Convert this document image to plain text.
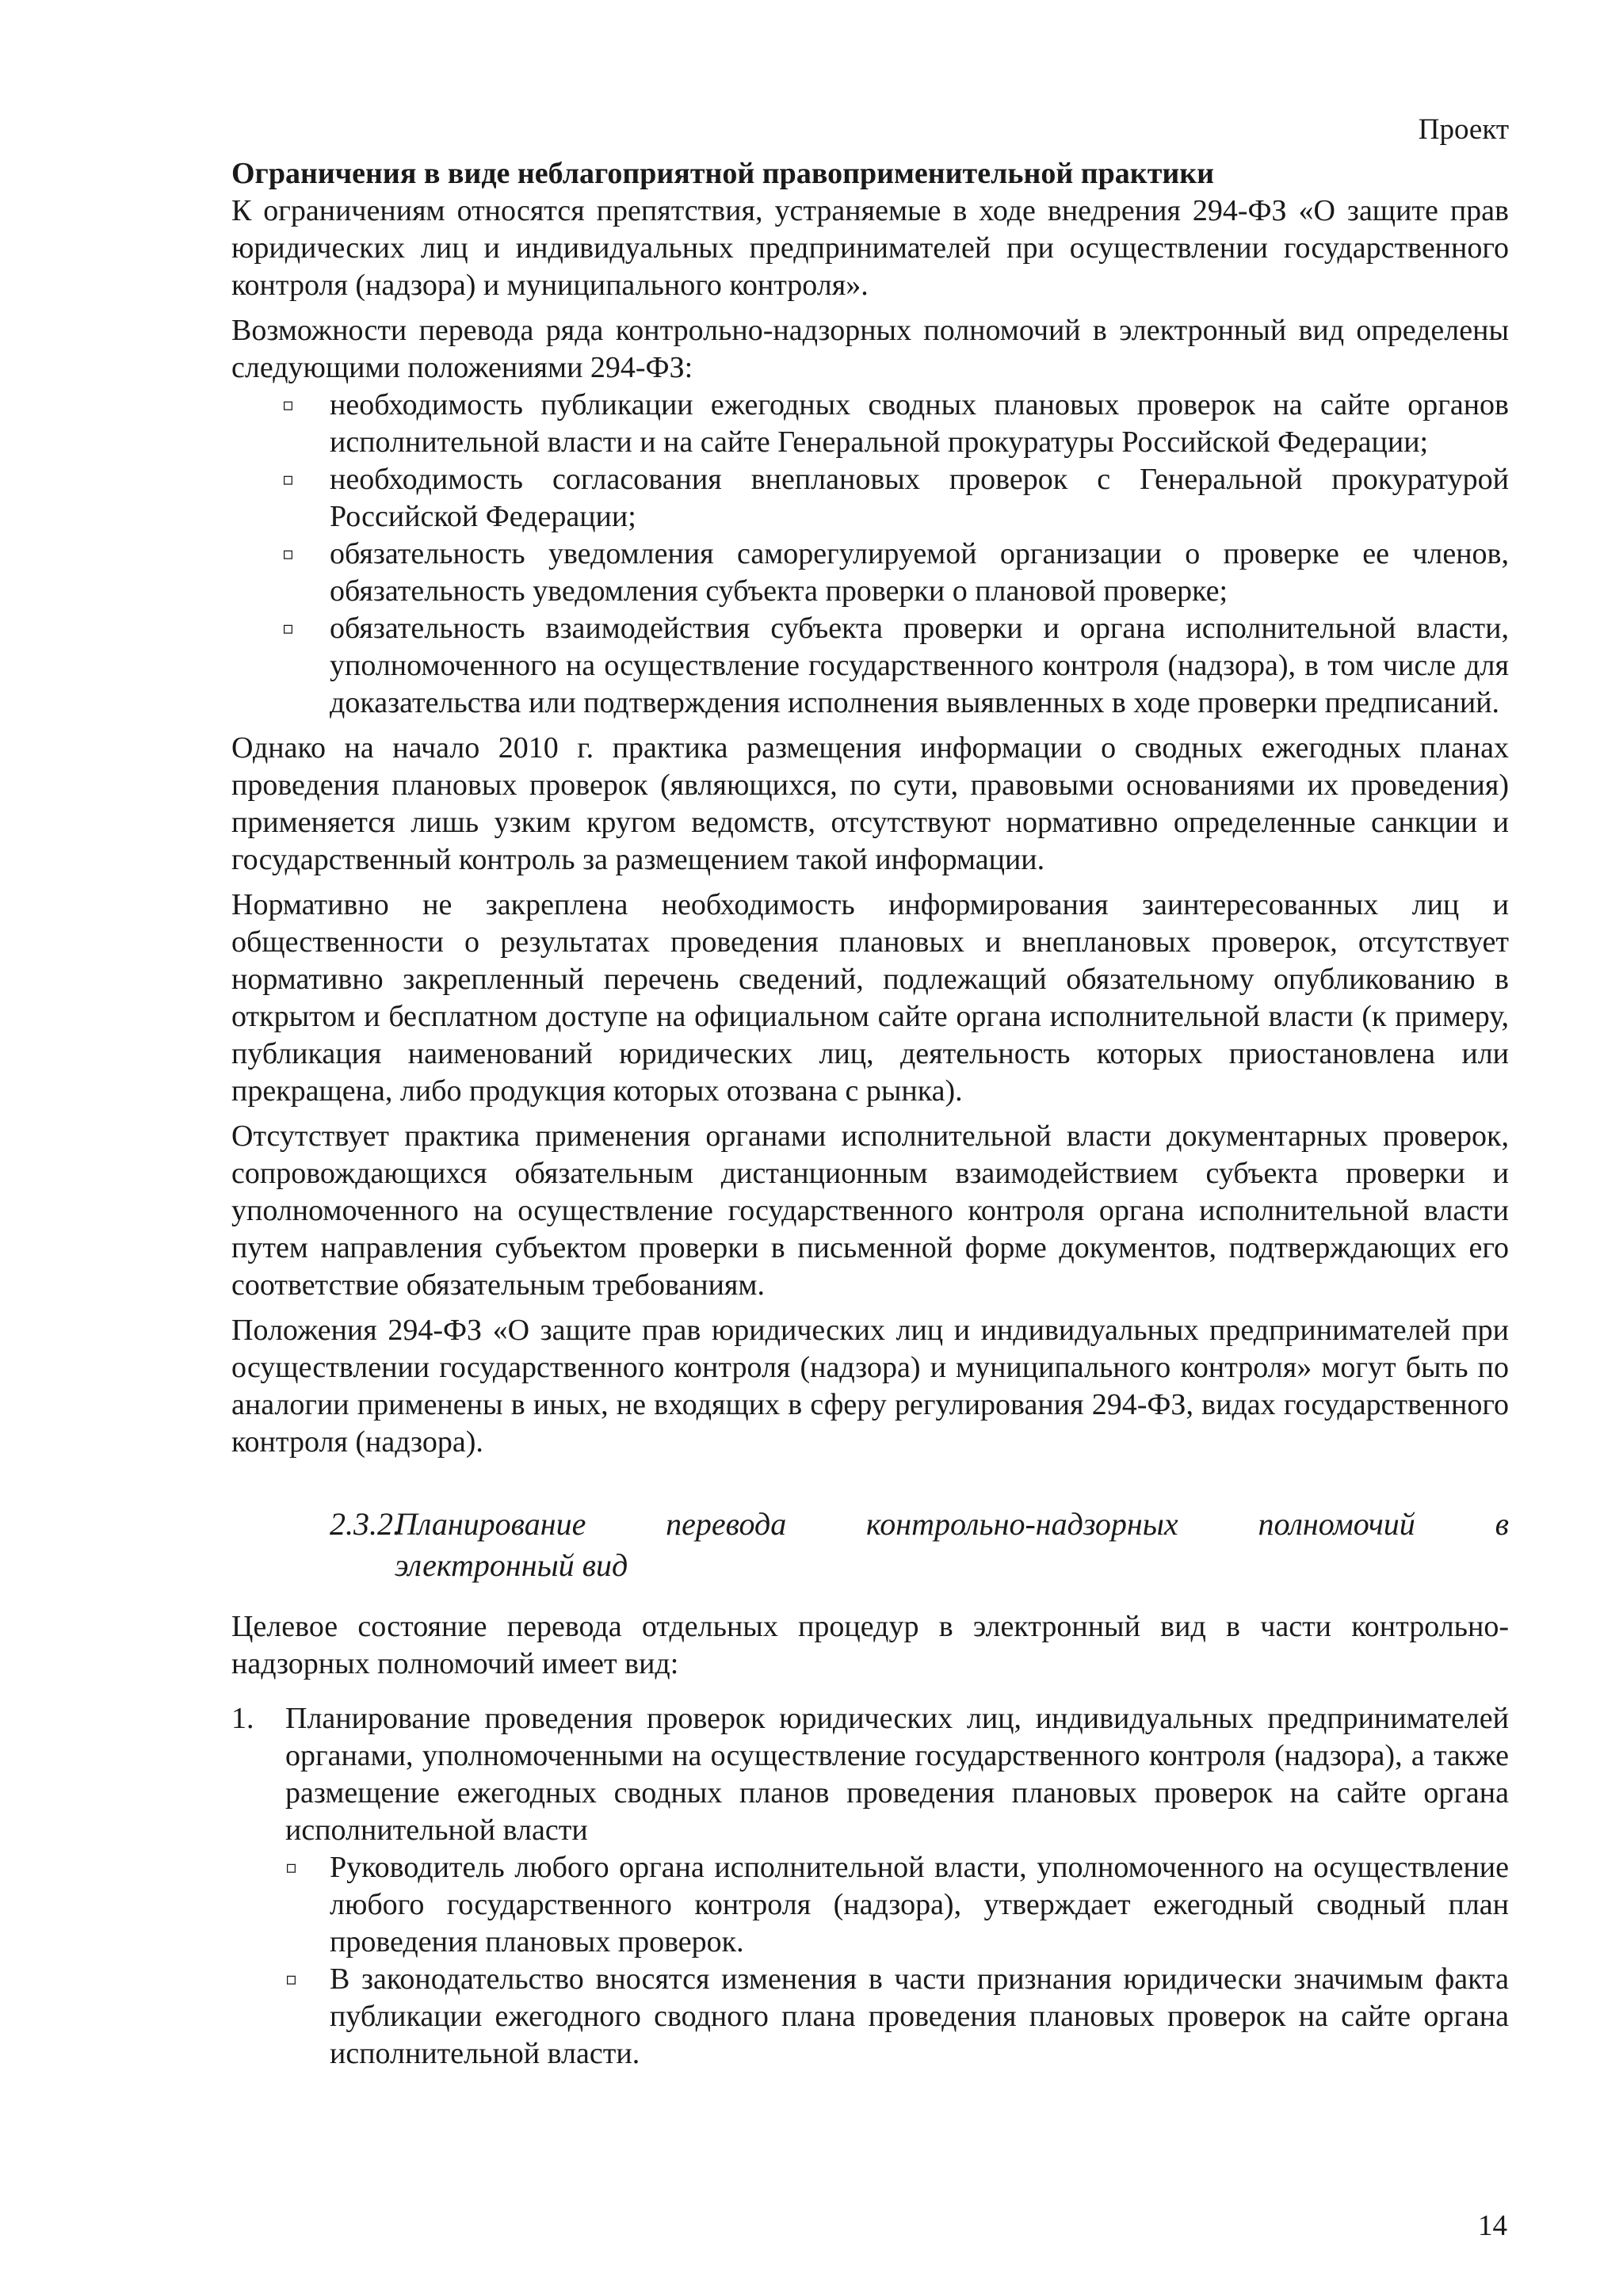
Проект

Ограничения в виде неблагоприятной правоприменительной практики

К ограничениям относятся препятствия, устраняемые в ходе внедрения 294-ФЗ «О защите прав юридических лиц и индивидуальных предпринимателей при осуществлении государственного контроля (надзора) и муниципального контроля».

Возможности перевода ряда контрольно-надзорных полномочий в электронный вид определены следующими положениями 294-ФЗ:

▫ необходимость публикации ежегодных сводных плановых проверок на сайте органов исполнительной власти и на сайте Генеральной прокуратуры Российской Федерации;
▫ необходимость согласования внеплановых проверок с Генеральной прокуратурой Российской Федерации;
▫ обязательность уведомления саморегулируемой организации о проверке ее членов, обязательность уведомления субъекта проверки о плановой проверке;
▫ обязательность взаимодействия субъекта проверки и органа исполнительной власти, уполномоченного на осуществление государственного контроля (надзора), в том числе для доказательства или подтверждения исполнения выявленных в ходе проверки предписаний.

Однако на начало 2010 г. практика размещения информации о сводных ежегодных планах проведения плановых проверок (являющихся, по сути, правовыми основаниями их проведения) применяется лишь узким кругом ведомств, отсутствуют нормативно определенные санкции и государственный контроль за размещением такой информации.

Нормативно не закреплена необходимость информирования заинтересованных лиц и общественности о результатах проведения плановых и внеплановых проверок, отсутствует нормативно закрепленный перечень сведений, подлежащий обязательному опубликованию в открытом и бесплатном доступе на официальном сайте органа исполнительной власти (к примеру, публикация наименований юридических лиц, деятельность которых приостановлена или прекращена, либо продукция которых отозвана с рынка).

Отсутствует практика применения органами исполнительной власти документарных проверок, сопровождающихся обязательным дистанционным взаимодействием субъекта проверки и уполномоченного на осуществление государственного контроля органа исполнительной власти путем направления субъектом проверки в письменной форме документов, подтверждающих его соответствие обязательным требованиям.

Положения 294-ФЗ «О защите прав юридических лиц и индивидуальных предпринимателей при осуществлении государственного контроля (надзора) и муниципального контроля» могут быть по аналогии применены в иных, не входящих в сферу регулирования 294-ФЗ, видах государственного контроля (надзора).

2.3.2.Планирование	перевода	контрольно-надзорных	полномочий	в
электронный вид

Целевое состояние перевода отдельных процедур в электронный вид в части контрольно-надзорных полномочий имеет вид:

1. Планирование проведения проверок юридических лиц, индивидуальных предпринимателей органами, уполномоченными на осуществление государственного контроля (надзора), а также размещение ежегодных сводных планов проведения плановых проверок на сайте органа исполнительной власти
▫ Руководитель любого органа исполнительной власти, уполномоченного на осуществление любого государственного контроля (надзора), утверждает ежегодный сводный план проведения плановых проверок.
▫ В законодательство вносятся изменения в части признания юридически значимым факта публикации ежегодного сводного плана проведения плановых проверок на сайте органа исполнительной власти.
14
